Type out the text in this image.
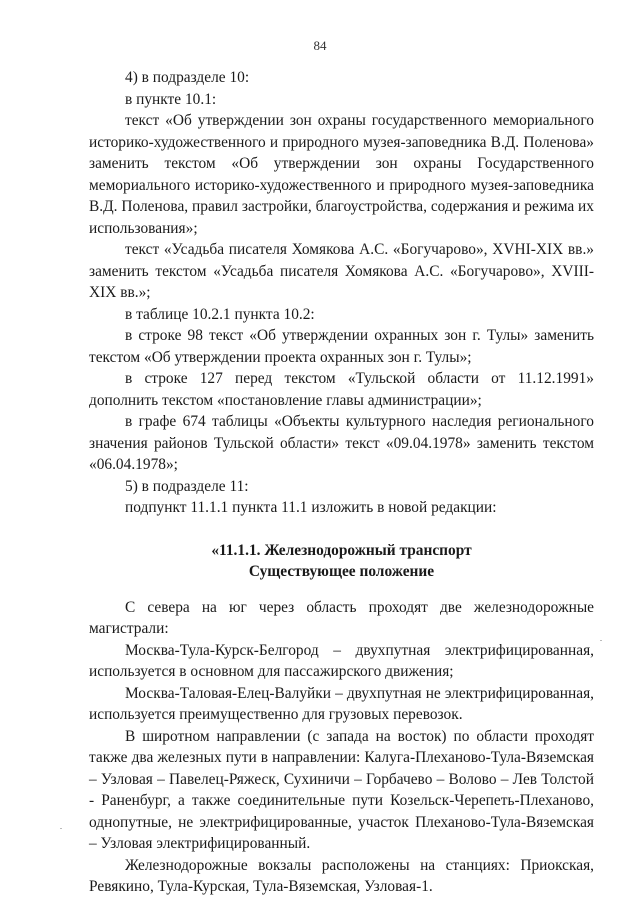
84

4) в подразделе 10:

в пункте 10.1:

текст «Об утверждении зон охраны государственного мемориального историко-художественного и природного музея-заповедника В.Д. Поленова» заменить текстом «Об утверждении зон охраны Государственного мемориального историко-художественного и природного музея-заповедника В.Д. Поленова, правил застройки, благоустройства, содержания и режима их использования»;

текст «Усадьба писателя Хомякова А.С. «Богучарово», XVHI-XIX вв.» заменить текстом «Усадьба писателя Хомякова А.С. «Богучарово», XVIII-XIX вв.»;

в таблице 10.2.1 пункта 10.2:

в строке 98 текст «Об утверждении охранных зон г. Тулы» заменить текстом «Об утверждении проекта охранных зон г. Тулы»;

в строке 127 перед текстом «Тульской области от 11.12.1991» дополнить текстом «постановление главы администрации»;

в графе 674 таблицы «Объекты культурного наследия регионального значения районов Тульской области» текст «09.04.1978» заменить текстом «06.04.1978»;

5) в подразделе 11:

подпункт 11.1.1 пункта 11.1 изложить в новой редакции:

«11.1.1. Железнодорожный транспорт

Существующее положение

С севера на юг через область проходят две железнодорожные магистрали:

Москва-Тула-Курск-Белгород – двухпутная электрифицированная, используется в основном для пассажирского движения;

Москва-Таловая-Елец-Валуйки – двухпутная не электрифицированная, используется преимущественно для грузовых перевозок.

В широтном направлении (с запада на восток) по области проходят также два железных пути в направлении: Калуга-Плеханово-Тула-Вяземская – Узловая – Павелец-Ряжеск, Сухиничи – Горбачево – Волово – Лев Толстой - Раненбург, а также соединительные пути Козельск-Черепеть-Плеханово, однопутные, не электрифицированные, участок Плеханово-Тула-Вяземская – Узловая электрифицированный.

Железнодорожные вокзалы расположены на станциях: Приокская, Ревякино, Тула-Курская, Тула-Вяземская, Узловая-1.
